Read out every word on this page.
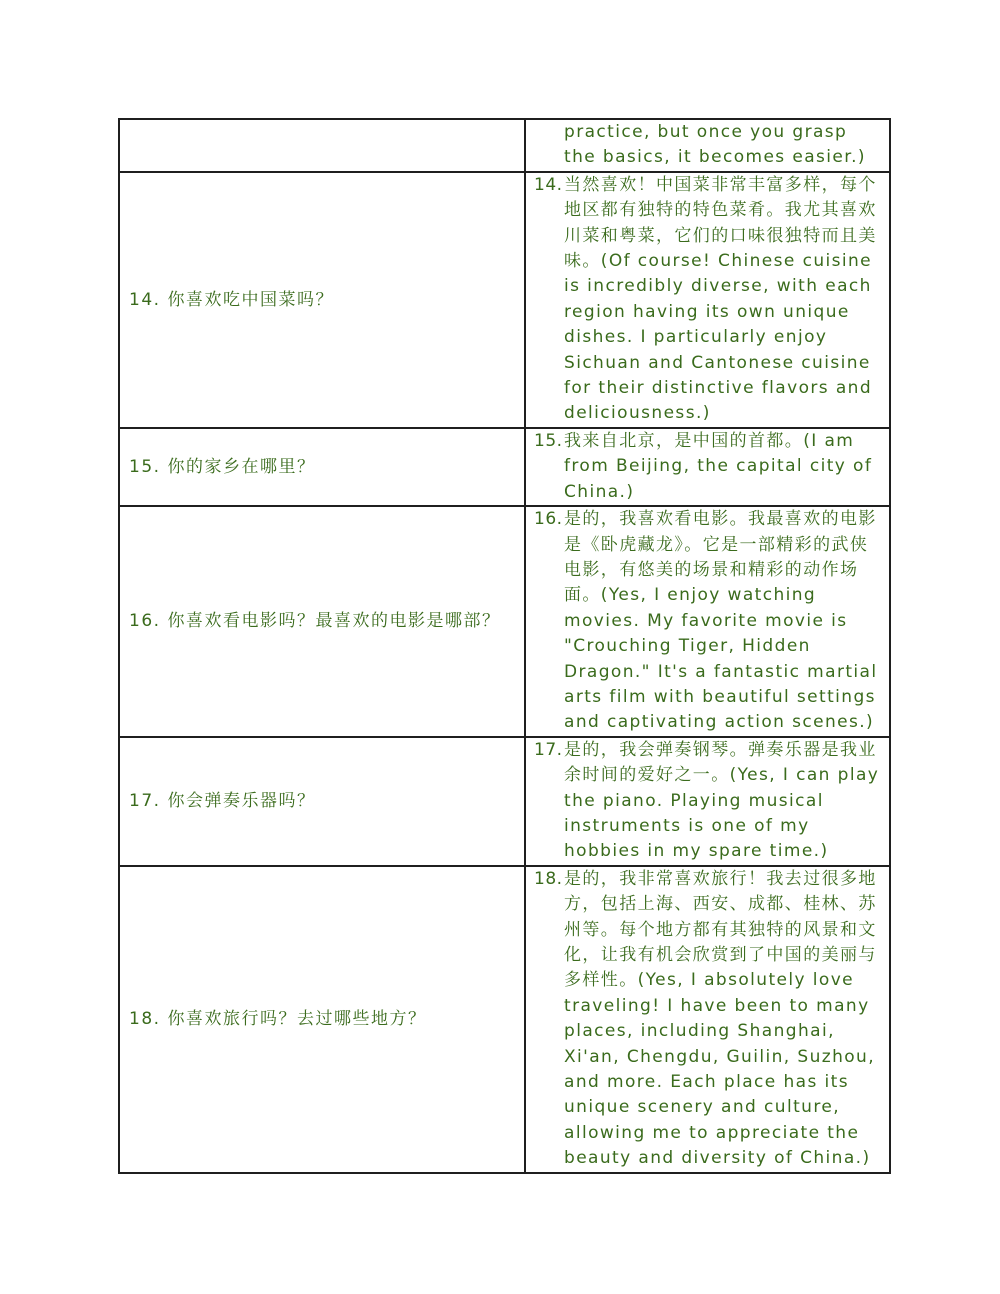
	practice, but once you grasp the basics, it becomes easier.)

14. 你喜欢吃中国菜吗？	14. 当然喜欢！中国菜非常丰富多样，每个地区都有独特的特色菜肴。我尤其喜欢川菜和粤菜，它们的口味很独特而且美味。(Of course! Chinese cuisine is incredibly diverse, with each region having its own unique dishes. I particularly enjoy Sichuan and Cantonese cuisine for their distinctive flavors and deliciousness.)

15. 你的家乡在哪里？	15. 我来自北京，是中国的首都。(I am from Beijing, the capital city of China.)

16. 你喜欢看电影吗？最喜欢的电影是哪部？	16. 是的，我喜欢看电影。我最喜欢的电影是《卧虎藏龙》。它是一部精彩的武侠电影，有悠美的场景和精彩的动作场面。(Yes, I enjoy watching movies. My favorite movie is "Crouching Tiger, Hidden Dragon." It's a fantastic martial arts film with beautiful settings and captivating action scenes.)

17. 你会弹奏乐器吗？	17. 是的，我会弹奏钢琴。弹奏乐器是我业余时间的爱好之一。(Yes, I can play the piano. Playing musical instruments is one of my hobbies in my spare time.)

18. 你喜欢旅行吗？去过哪些地方？	18. 是的，我非常喜欢旅行！我去过很多地方，包括上海、西安、成都、桂林、苏州等。每个地方都有其独特的风景和文化，让我有机会欣赏到了中国的美丽与多样性。(Yes, I absolutely love traveling! I have been to many places, including Shanghai, Xi'an, Chengdu, Guilin, Suzhou, and more. Each place has its unique scenery and culture, allowing me to appreciate the beauty and diversity of China.)
